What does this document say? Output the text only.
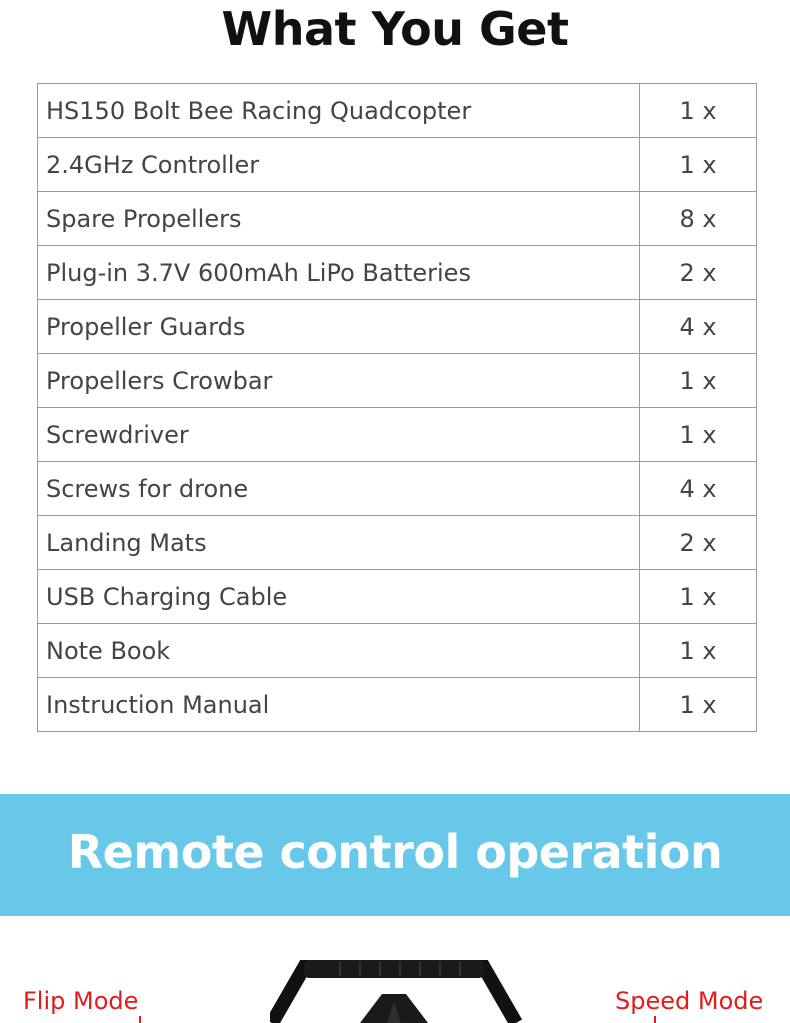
What You Get
HS150 Bolt Bee Racing Quadcopter	1 x
2.4GHz Controller	1 x
Spare Propellers	8 x
Plug-in 3.7V 600mAh LiPo Batteries	2 x
Propeller Guards	4 x
Propellers Crowbar	1 x
Screwdriver	1 x
Screws for drone	4 x
Landing Mats	2 x
USB Charging Cable	1 x
Note Book	1 x
Instruction Manual	1 x
Remote control operation
Flip Mode	Speed Mode
